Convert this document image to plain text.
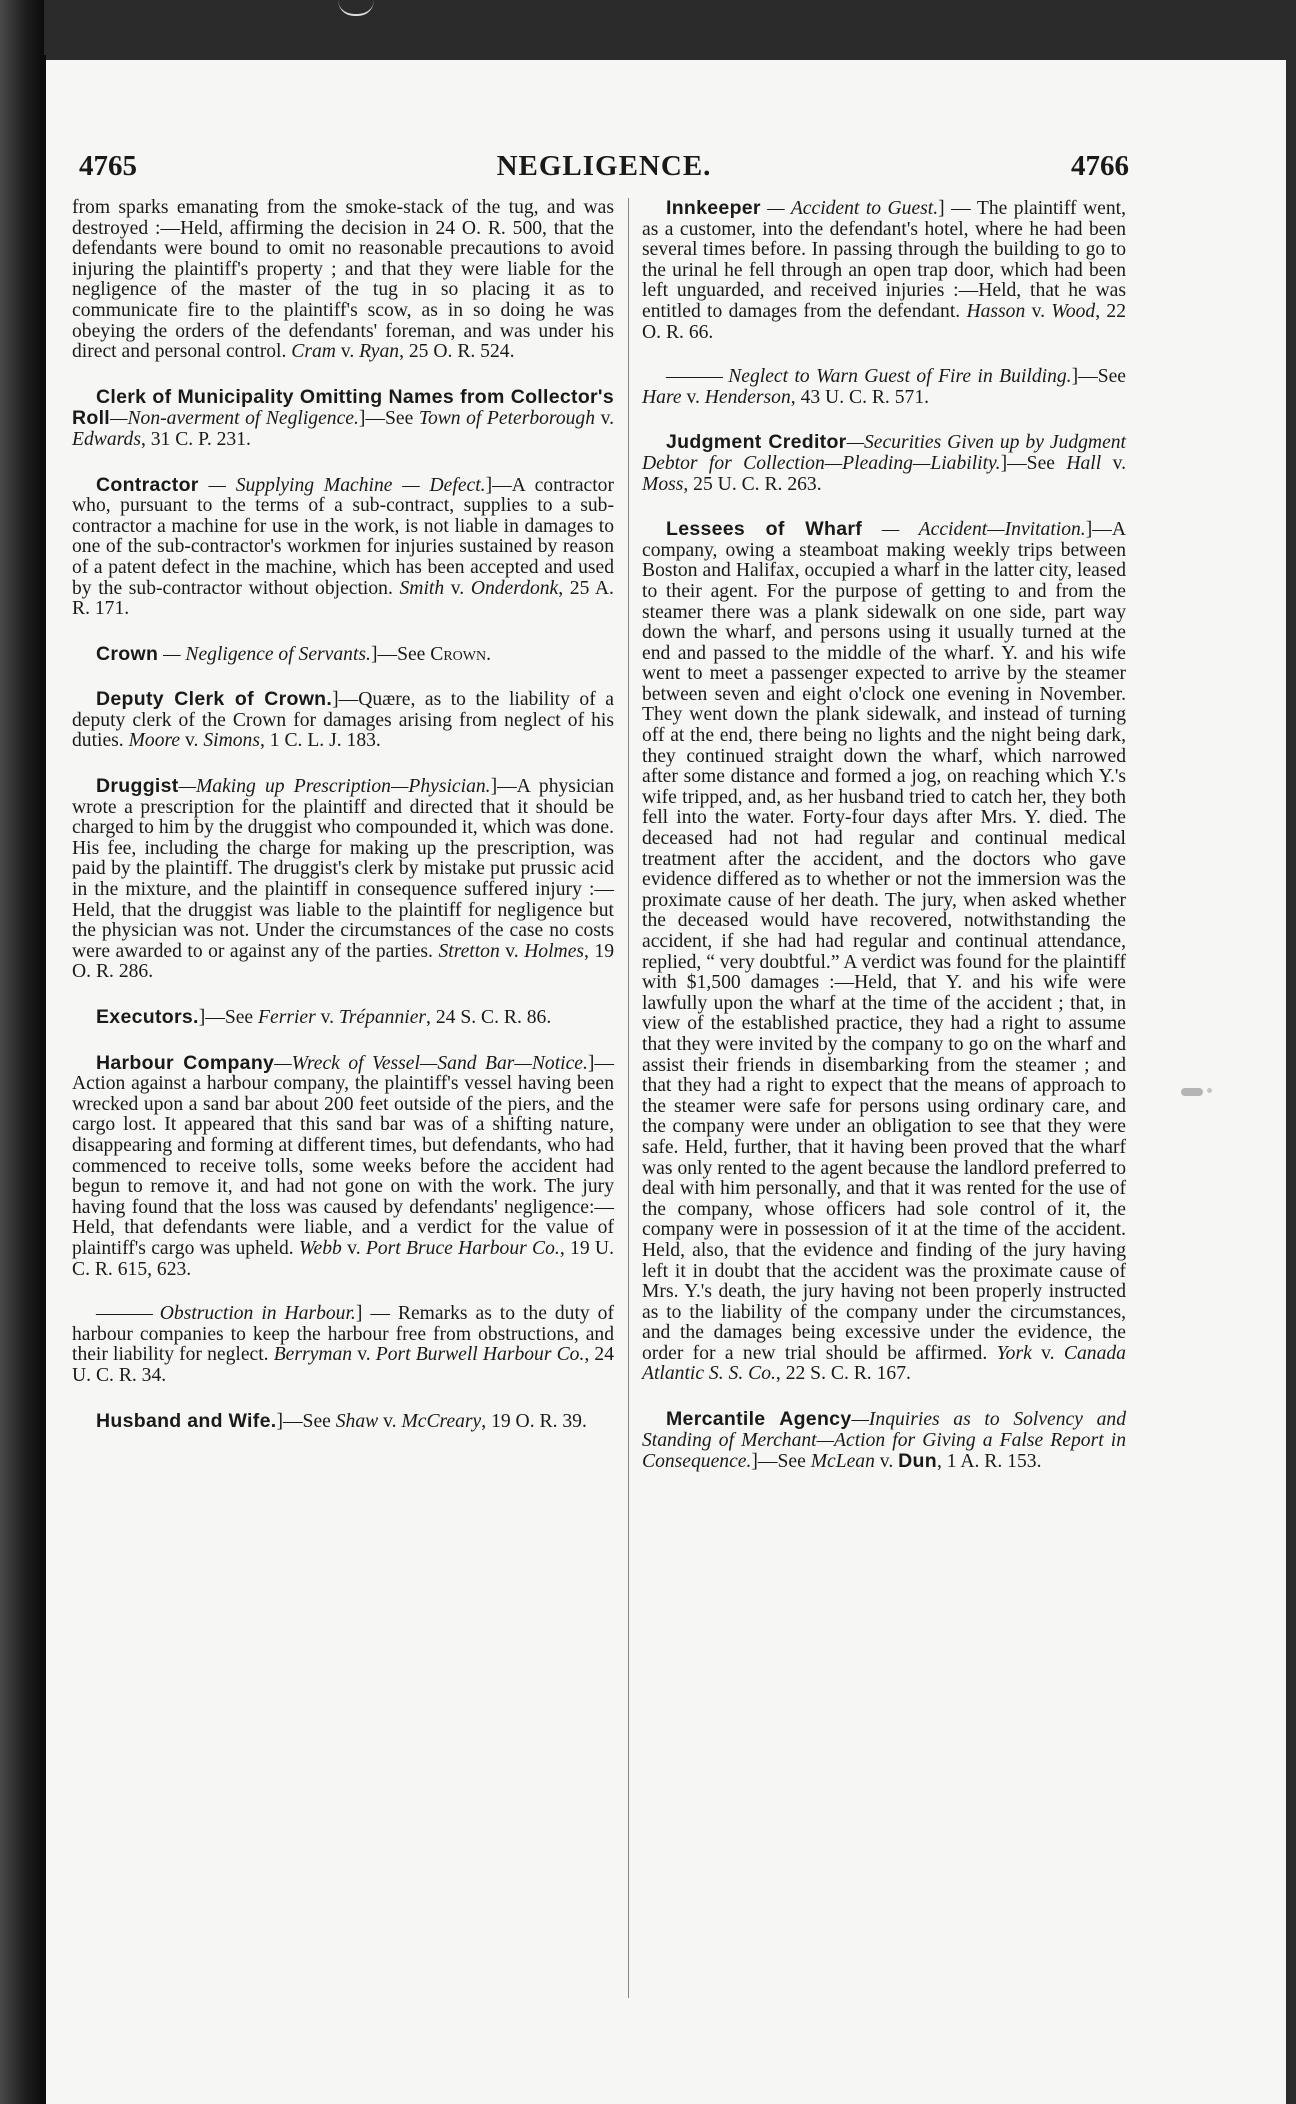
4765	NEGLIGENCE.	4766

from sparks emanating from the smoke-stack of the tug, and was destroyed :—Held, affirming the decision in 24 O. R. 500, that the defendants were bound to omit no reasonable precautions to avoid injuring the plaintiff's property ; and that they were liable for the negligence of the master of the tug in so placing it as to communicate fire to the plaintiff's scow, as in so doing he was obeying the orders of the defendants' foreman, and was under his direct and personal control. Cram v. Ryan, 25 O. R. 524.

Clerk of Municipality Omitting Names from Collector's Roll—Non-averment of Negligence.]—See Town of Peterborough v. Edwards, 31 C. P. 231.

Contractor — Supplying Machine — Defect.]—A contractor who, pursuant to the terms of a sub-contract, supplies to a sub-contractor a machine for use in the work, is not liable in damages to one of the sub-contractor's workmen for injuries sustained by reason of a patent defect in the machine, which has been accepted and used by the sub-contractor without objection. Smith v. Onderdonk, 25 A. R. 171.

Crown — Negligence of Servants.]—See Crown.

Deputy Clerk of Crown.]—Quære, as to the liability of a deputy clerk of the Crown for damages arising from neglect of his duties. Moore v. Simons, 1 C. L. J. 183.

Druggist—Making up Prescription—Physician.]—A physician wrote a prescription for the plaintiff and directed that it should be charged to him by the druggist who compounded it, which was done. His fee, including the charge for making up the prescription, was paid by the plaintiff. The druggist's clerk by mistake put prussic acid in the mixture, and the plaintiff in consequence suffered injury :—Held, that the druggist was liable to the plaintiff for negligence but the physician was not. Under the circumstances of the case no costs were awarded to or against any of the parties. Stretton v. Holmes, 19 O. R. 286.

Executors.]—See Ferrier v. Trépannier, 24 S. C. R. 86.

Harbour Company—Wreck of Vessel—Sand Bar—Notice.]—Action against a harbour company, the plaintiff's vessel having been wrecked upon a sand bar about 200 feet outside of the piers, and the cargo lost. It appeared that this sand bar was of a shifting nature, disappearing and forming at different times, but defendants, who had commenced to receive tolls, some weeks before the accident had begun to remove it, and had not gone on with the work. The jury having found that the loss was caused by defendants' negligence:—Held, that defendants were liable, and a verdict for the value of plaintiff's cargo was upheld. Webb v. Port Bruce Harbour Co., 19 U. C. R. 615, 623.

——— Obstruction in Harbour.] — Remarks as to the duty of harbour companies to keep the harbour free from obstructions, and their liability for neglect. Berryman v. Port Burwell Harbour Co., 24 U. C. R. 34.

Husband and Wife.]—See Shaw v. McCreary, 19 O. R. 39.

Innkeeper — Accident to Guest.] — The plaintiff went, as a customer, into the defendant's hotel, where he had been several times before. In passing through the building to go to the urinal he fell through an open trap door, which had been left unguarded, and received injuries :—Held, that he was entitled to damages from the defendant. Hasson v. Wood, 22 O. R. 66.

——— Neglect to Warn Guest of Fire in Building.]—See Hare v. Henderson, 43 U. C. R. 571.

Judgment Creditor—Securities Given up by Judgment Debtor for Collection—Pleading—Liability.]—See Hall v. Moss, 25 U. C. R. 263.

Lessees of Wharf — Accident—Invitation.]—A company, owing a steamboat making weekly trips between Boston and Halifax, occupied a wharf in the latter city, leased to their agent. For the purpose of getting to and from the steamer there was a plank sidewalk on one side, part way down the wharf, and persons using it usually turned at the end and passed to the middle of the wharf. Y. and his wife went to meet a passenger expected to arrive by the steamer between seven and eight o'clock one evening in November. They went down the plank sidewalk, and instead of turning off at the end, there being no lights and the night being dark, they continued straight down the wharf, which narrowed after some distance and formed a jog, on reaching which Y.'s wife tripped, and, as her husband tried to catch her, they both fell into the water. Forty-four days after Mrs. Y. died. The deceased had not had regular and continual medical treatment after the accident, and the doctors who gave evidence differed as to whether or not the immersion was the proximate cause of her death. The jury, when asked whether the deceased would have recovered, notwithstanding the accident, if she had had regular and continual attendance, replied, “ very doubtful.” A verdict was found for the plaintiff with $1,500 damages :—Held, that Y. and his wife were lawfully upon the wharf at the time of the accident ; that, in view of the established practice, they had a right to assume that they were invited by the company to go on the wharf and assist their friends in disembarking from the steamer ; and that they had a right to expect that the means of approach to the steamer were safe for persons using ordinary care, and the company were under an obligation to see that they were safe. Held, further, that it having been proved that the wharf was only rented to the agent because the landlord preferred to deal with him personally, and that it was rented for the use of the company, whose officers had sole control of it, the company were in possession of it at the time of the accident. Held, also, that the evidence and finding of the jury having left it in doubt that the accident was the proximate cause of Mrs. Y.'s death, the jury having not been properly instructed as to the liability of the company under the circumstances, and the damages being excessive under the evidence, the order for a new trial should be affirmed. York v. Canada Atlantic S. S. Co., 22 S. C. R. 167.

Mercantile Agency—Inquiries as to Solvency and Standing of Merchant—Action for Giving a False Report in Consequence.]—See McLean v. Dun, 1 A. R. 153.
